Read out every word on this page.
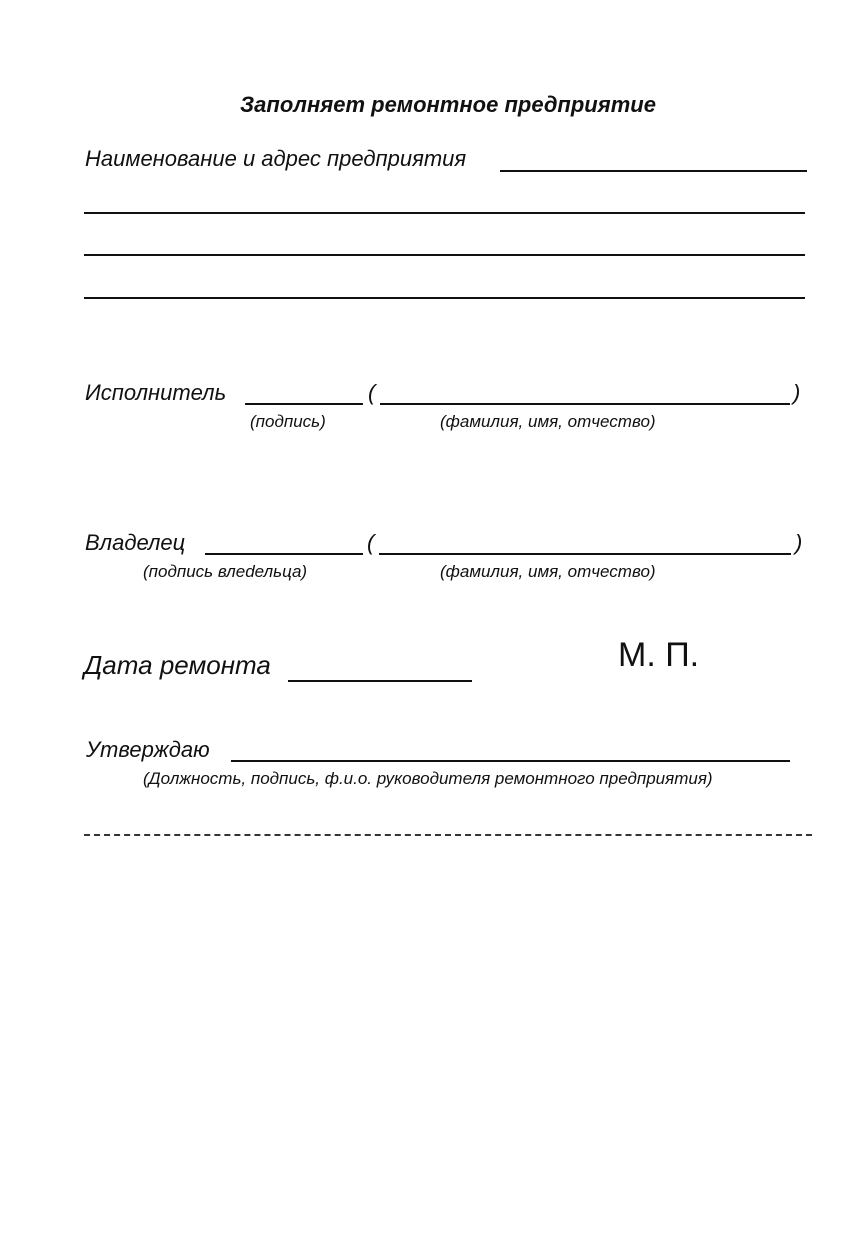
Заполняет ремонтное предприятие
Наименование и адрес предприятия
Исполнитель	(	)
(подпись)	(фамилия, имя, отчество)
Владелец	(	)
(подпись влedельца)	(фамилия, имя, отчество)
Дата ремонта	М. П.
Утверждаю
(Должность, подпись, ф.и.о. руководителя ремонтного предприятия)
